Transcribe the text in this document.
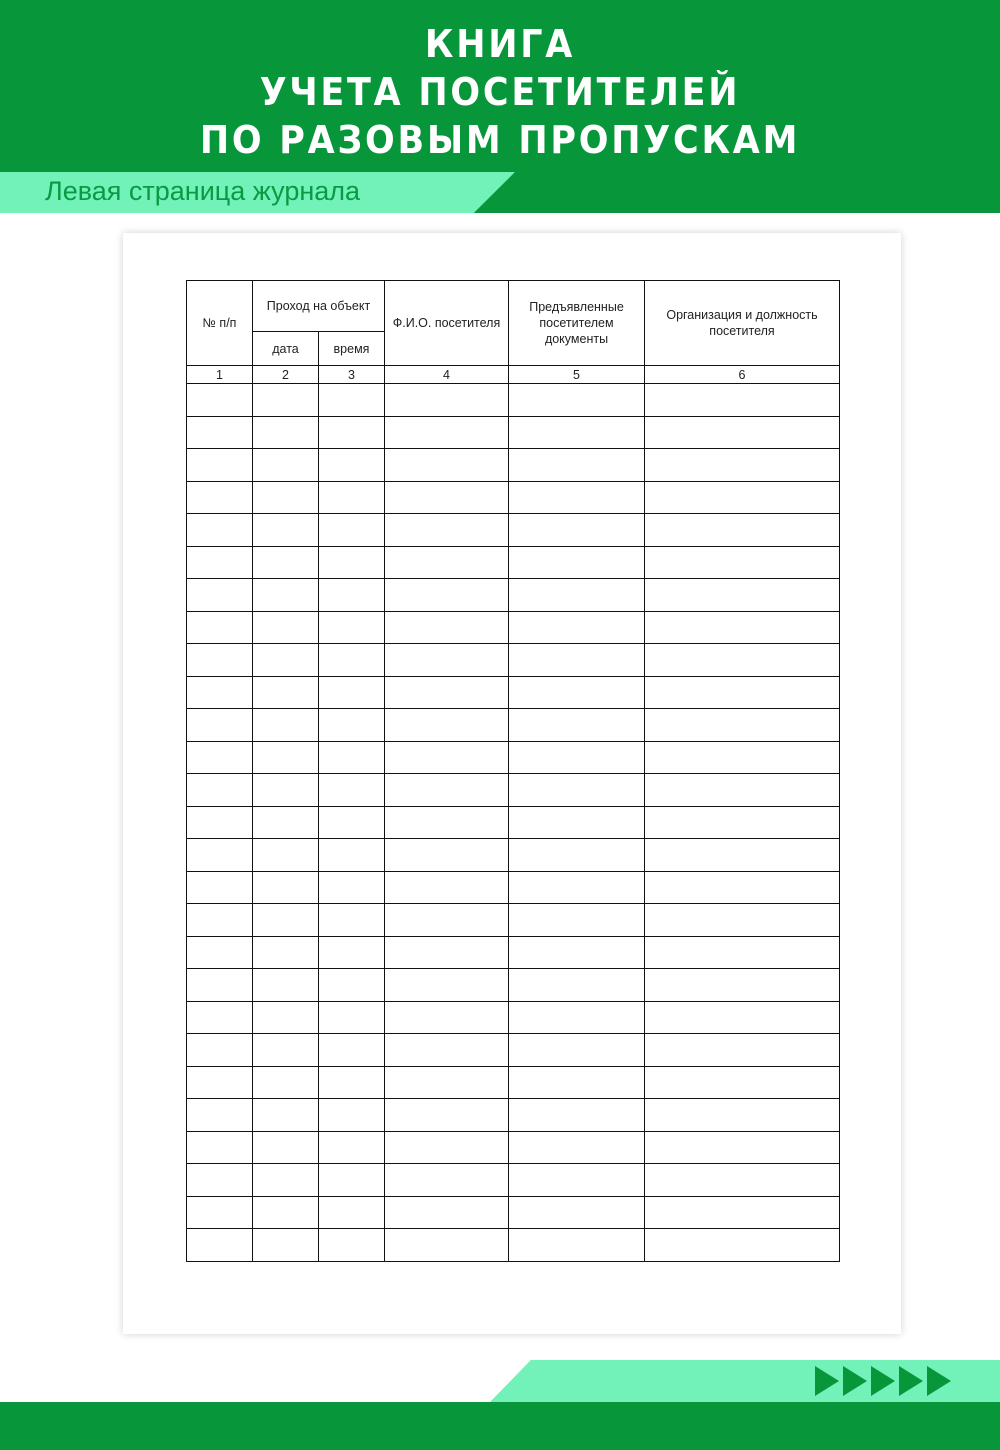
КНИГА
УЧЕТА ПОСЕТИТЕЛЕЙ
ПО РАЗОВЫМ ПРОПУСКАМ
Левая страница журнала
№ п/п	Проход на объект		Ф.И.О. посетителя	Предъявленные посетителем документы	Организация и должность посетителя
	дата	время			
1	2	3	4	5	6
